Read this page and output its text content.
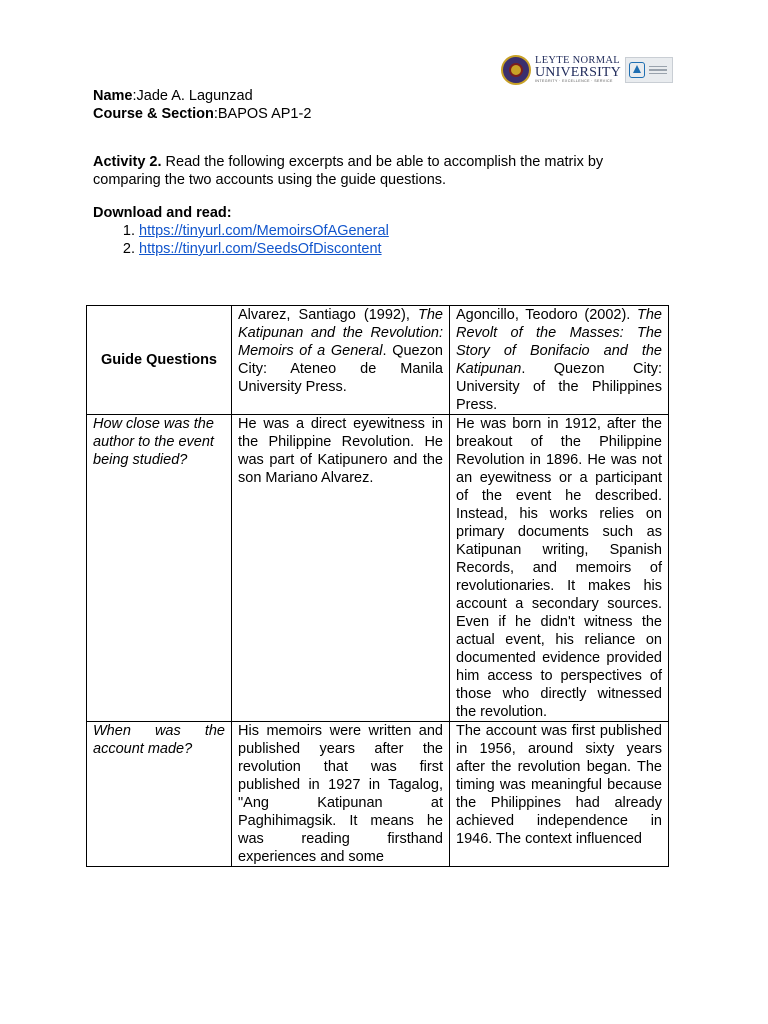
LEYTE NORMAL
UNIVERSITY
INTEGRITY · EXCELLENCE · SERVICE
Name:Jade A. Lagunzad
Course & Section:BAPOS AP1-2
Activity 2. Read the following excerpts and be able to accomplish the matrix by comparing the two accounts using the guide questions.
Download and read:
1. https://tinyurl.com/MemoirsOfAGeneral
2. https://tinyurl.com/SeedsOfDiscontent
Guide Questions	Alvarez, Santiago (1992), The Katipunan and the Revolution: Memoirs of a General. Quezon City: Ateneo de Manila University Press.	Agoncillo, Teodoro (2002). The Revolt of the Masses: The Story of Bonifacio and the Katipunan. Quezon City: University of the Philippines Press.
How close was the author to the event being studied?	He was a direct eyewitness in the Philippine Revolution. He was part of Katipunero and the son Mariano Alvarez.	He was born in 1912, after the breakout of the Philippine Revolution in 1896. He was not an eyewitness or a participant of the event he described. Instead, his works relies on primary documents such as Katipunan writing, Spanish Records, and memoirs of revolutionaries. It makes his account a secondary sources. Even if he didn't witness the actual event, his reliance on documented evidence provided him access to perspectives of those who directly witnessed the revolution.
When was the account made?	His memoirs were written and published years after the revolution that was first published in 1927 in Tagalog, "Ang Katipunan at Paghihimagsik. It means he was reading firsthand experiences and some	The account was first published in 1956, around sixty years after the revolution began. The timing was meaningful because the Philippines had already achieved independence in 1946. The context influenced
